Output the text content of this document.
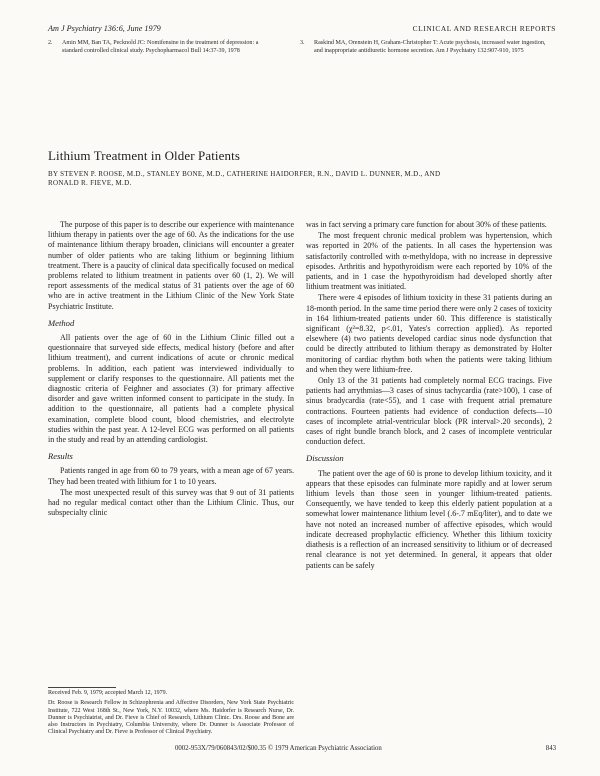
Am J Psychiatry 136:6, June 1979	CLINICAL AND RESEARCH REPORTS
2.	Amin MM, Ban TA, Pecknold JC: Nomifensine in the treatment of depression: a standard controlled clinical study. Psychopharmacol Bull 14:37-39, 1978
3.	Raskind MA, Orenstein H, Graham-Christopher T: Acute psychosis, increased water ingestion, and inappropriate antidiuretic hormone secretion. Am J Psychiatry 132:907-910, 1975
Lithium Treatment in Older Patients
BY STEVEN P. ROOSE, M.D., STANLEY BONE, M.D., CATHERINE HAIDORFER, R.N., DAVID L. DUNNER, M.D., AND RONALD R. FIEVE, M.D.

The purpose of this paper is to describe our experience with maintenance lithium therapy in patients over the age of 60. As the indications for the use of maintenance lithium therapy broaden, clinicians will encounter a greater number of older patients who are taking lithium or beginning lithium treatment. There is a paucity of clinical data specifically focused on medical problems related to lithium treatment in patients over 60 (1, 2). We will report assessments of the medical status of 31 patients over the age of 60 who are in active treatment in the Lithium Clinic of the New York State Psychiatric Institute.

Method

All patients over the age of 60 in the Lithium Clinic filled out a questionnaire that surveyed side effects, medical history (before and after lithium treatment), and current indications of acute or chronic medical problems. In addition, each patient was interviewed individually to supplement or clarify responses to the questionnaire. All patients met the diagnostic criteria of Feighner and associates (3) for primary affective disorder and gave written informed consent to participate in the study. In addition to the questionnaire, all patients had a complete physical examination, complete blood count, blood chemistries, and electrolyte studies within the past year. A 12-level ECG was performed on all patients in the study and read by an attending cardiologist.

Results

Patients ranged in age from 60 to 79 years, with a mean age of 67 years. They had been treated with lithium for 1 to 10 years.

The most unexpected result of this survey was that 9 out of 31 patients had no regular medical contact other than the Lithium Clinic. Thus, our subspecialty clinic

Received Feb. 9, 1979; accepted March 12, 1979.

Dr. Roose is Research Fellow in Schizophrenia and Affective Disorders, New York State Psychiatric Institute, 722 West 168th St., New York, N.Y. 10032, where Ms. Haidorfer is Research Nurse, Dr. Dunner is Psychiatrist, and Dr. Fieve is Chief of Research, Lithium Clinic. Drs. Roose and Bone are also Instructors in Psychiatry, Columbia University, where Dr. Dunner is Associate Professor of Clinical Psychiatry and Dr. Fieve is Professor of Clinical Psychiatry.

was in fact serving a primary care function for about 30% of these patients.

The most frequent chronic medical problem was hypertension, which was reported in 20% of the patients. In all cases the hypertension was satisfactorily controlled with α-methyldopa, with no increase in depressive episodes. Arthritis and hypothyroidism were each reported by 10% of the patients, and in 1 case the hypothyroidism had developed shortly after lithium treatment was initiated.

There were 4 episodes of lithium toxicity in these 31 patients during an 18-month period. In the same time period there were only 2 cases of toxicity in 164 lithium-treated patients under 60. This difference is statistically significant (χ²=8.32, p<.01, Yates's correction applied). As reported elsewhere (4) two patients developed cardiac sinus node dysfunction that could be directly attributed to lithium therapy as demonstrated by Holter monitoring of cardiac rhythm both when the patients were taking lithium and when they were lithium-free.

Only 13 of the 31 patients had completely normal ECG tracings. Five patients had arrythmias—3 cases of sinus tachycardia (rate>100), 1 case of sinus bradycardia (rate<55), and 1 case with frequent atrial premature contractions. Fourteen patients had evidence of conduction defects—10 cases of incomplete atrial-ventricular block (PR interval>.20 seconds), 2 cases of right bundle branch block, and 2 cases of incomplete ventricular conduction defect.

Discussion

The patient over the age of 60 is prone to develop lithium toxicity, and it appears that these episodes can fulminate more rapidly and at lower serum lithium levels than those seen in younger lithium-treated patients. Consequently, we have tended to keep this elderly patient population at a somewhat lower maintenance lithium level (.6-.7 mEq/liter), and to date we have not noted an increased number of affective episodes, which would indicate decreased prophylactic efficiency. Whether this lithium toxicity diathesis is a reflection of an increased sensitivity to lithium or of decreased renal clearance is not yet determined. In general, it appears that older patients can be safely

0002-953X/79/060843/02/$00.35 © 1979 American Psychiatric Association	843
